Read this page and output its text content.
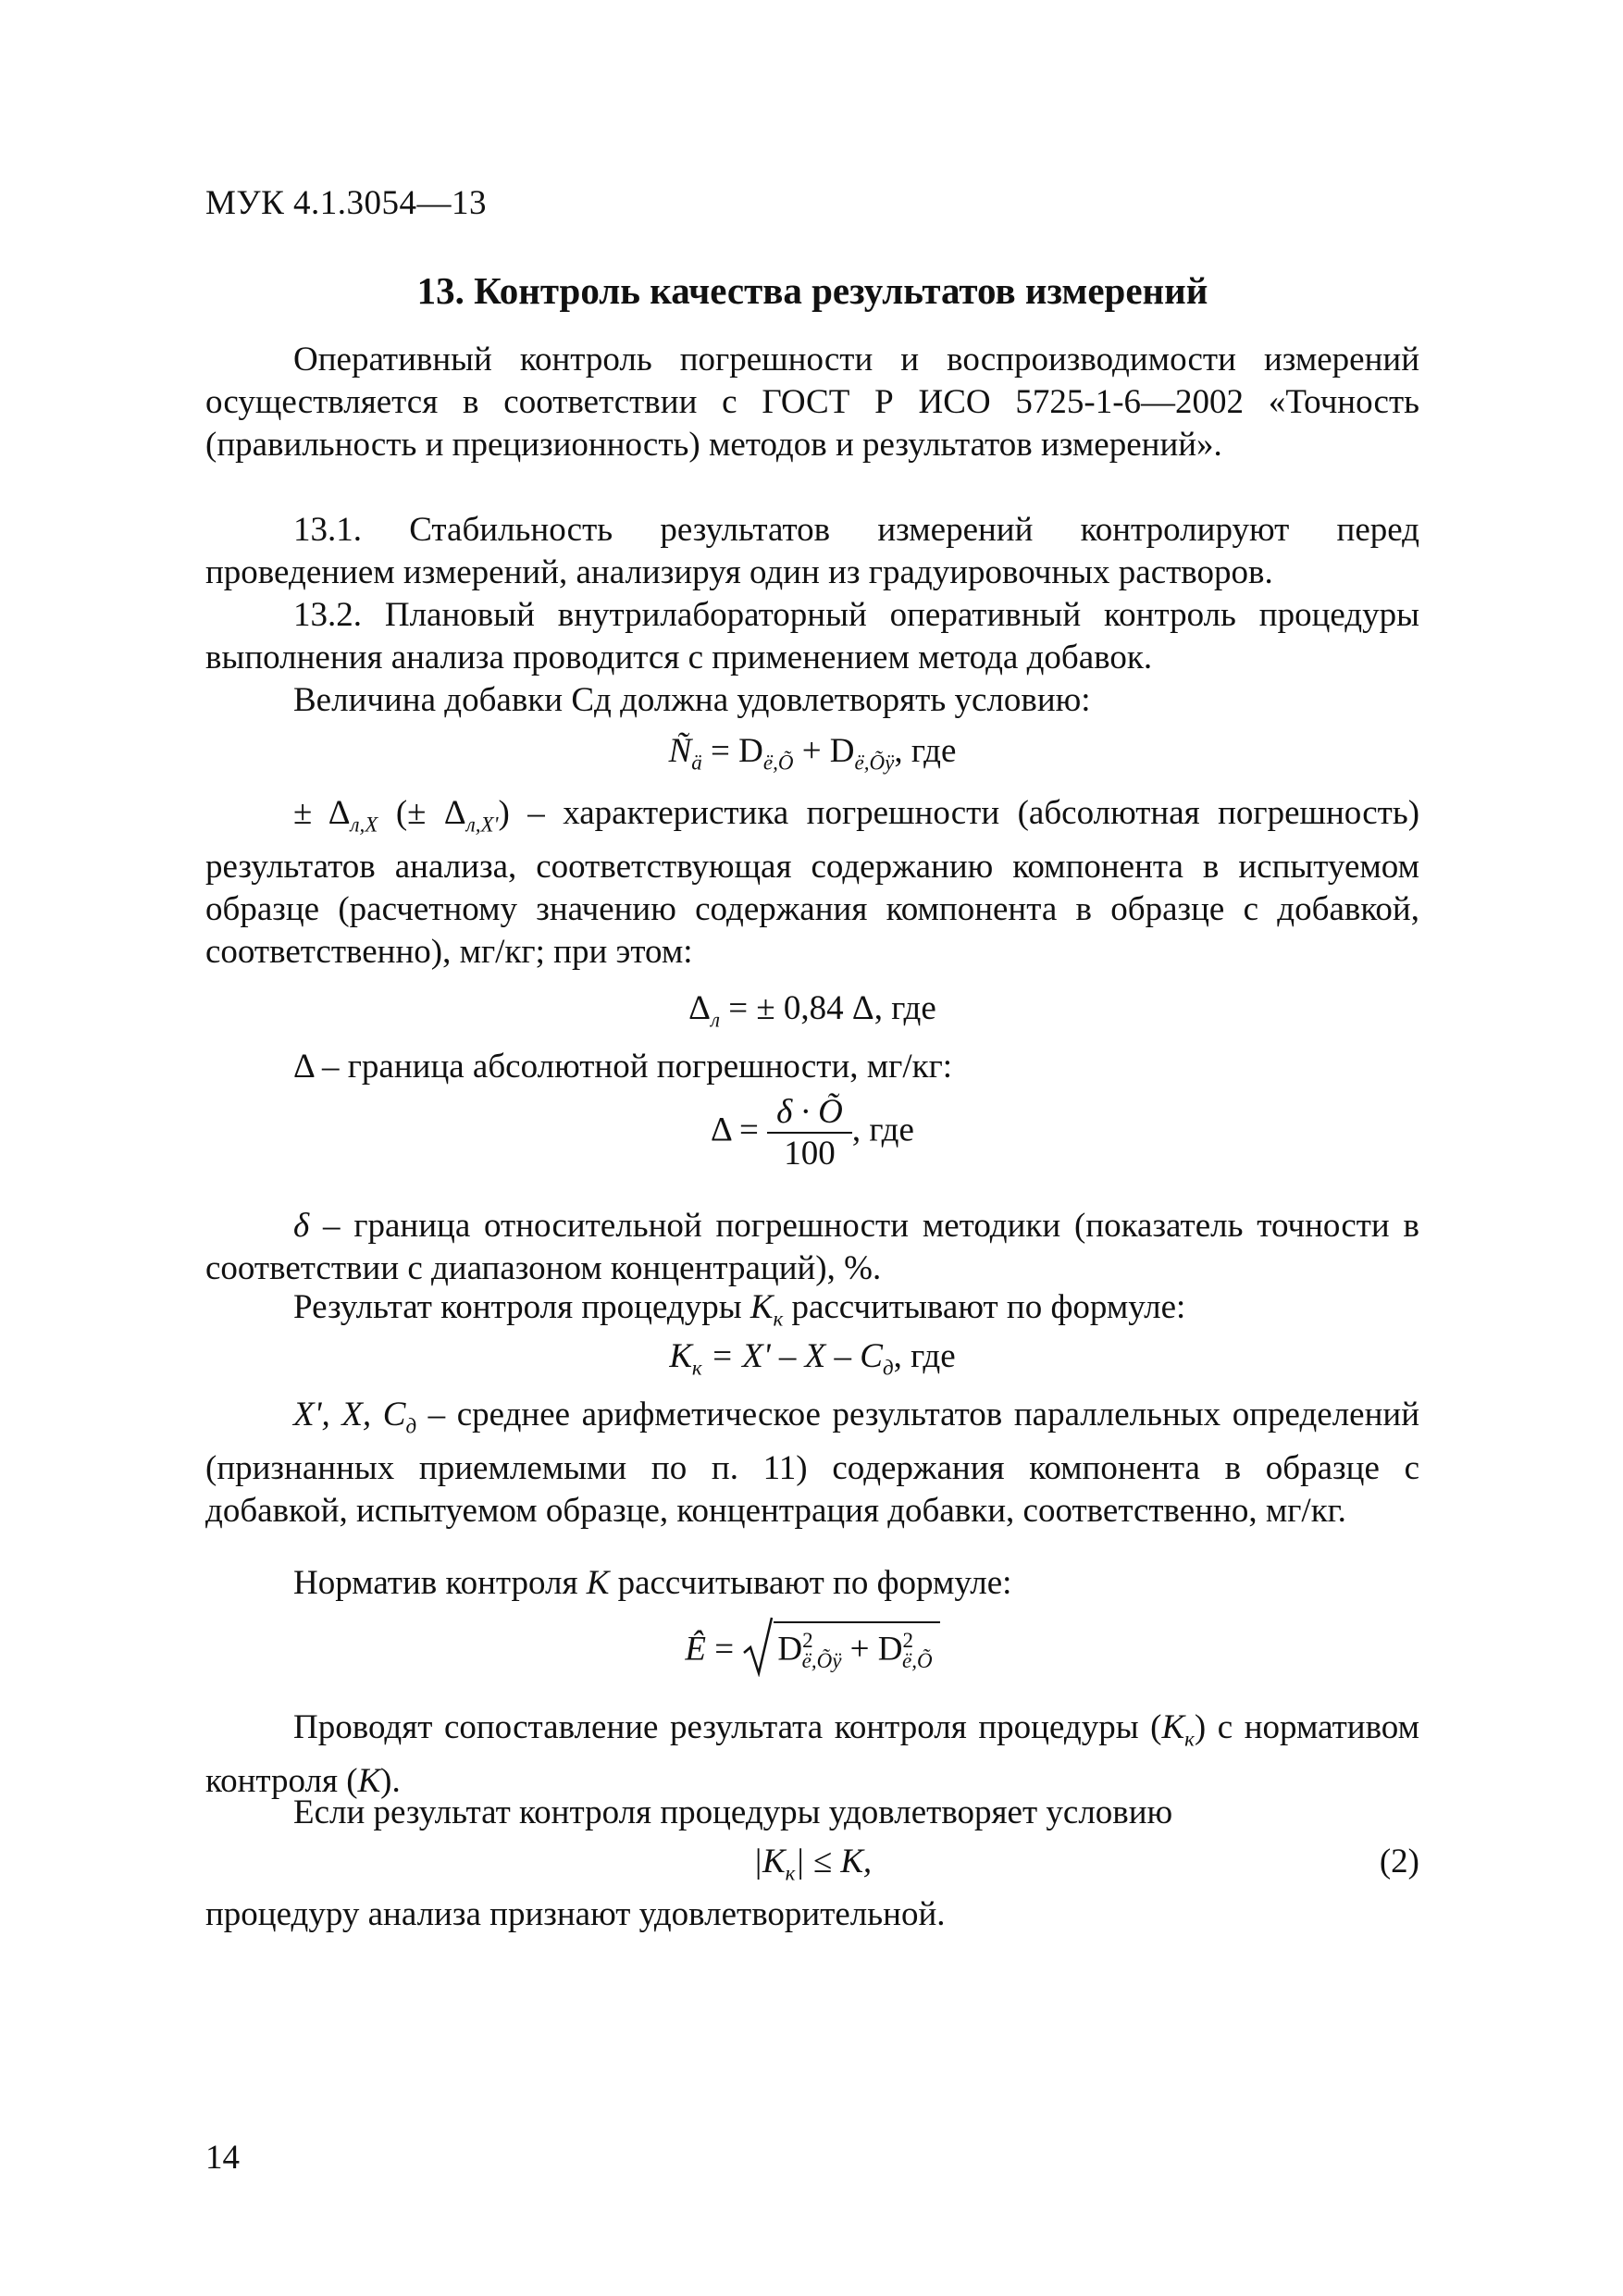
МУК 4.1.3054—13
13. Контроль качества результатов измерений
Оперативный контроль погрешности и воспроизводимости измерений осуществляется в соответствии с ГОСТ Р ИСО 5725-1-6—2002 «Точность (правильность и прецизионность) методов и результатов измерений».
13.1. Стабильность результатов измерений контролируют перед проведением измерений, анализируя один из градуировочных растворов.
13.2. Плановый внутрилабораторный оперативный контроль процедуры выполнения анализа проводится с применением метода добавок.
Величина добавки Сд должна удовлетворять условию:
$Ñ_ä = D_{ë,Õ} + D_{ë,Õÿ}$, где
± $\Delta_{л,X}$ (± $\Delta_{л,X'}$) – характеристика погрешности (абсолютная погрешность) результатов анализа, соответствующая содержанию компонента в испытуемом образце (расчетному значению содержания компонента в образце с добавкой, соответственно), мг/кг; при этом:
$\Delta_л$ = ± 0,84 Δ, где
Δ – граница абсолютной погрешности, мг/кг:
$\Delta = \frac{\delta \cdot Õ}{100}$ , где
δ – граница относительной погрешности методики (показатель точности в соответствии с диапазоном концентраций), %.
Результат контроля процедуры $К_к$ рассчитывают по формуле:
$К_к = X' - X - C_д$, где
X', X, $C_д$ – среднее арифметическое результатов параллельных определений (признанных приемлемыми по п. 11) содержания компонента в образце с добавкой, испытуемом образце, концентрация добавки, соответственно, мг/кг.
Норматив контроля К рассчитывают по формуле:
Ê =
$D^2_{ë,Õÿ} + D^2_{ë,Õ}$
Проводят сопоставление результата контроля процедуры $(К_к)$ с нормативом контроля (К).
Если результат контроля процедуры удовлетворяет условию
$|К_к| \le К$,	(2)
процедуру анализа признают удовлетворительной.
14
